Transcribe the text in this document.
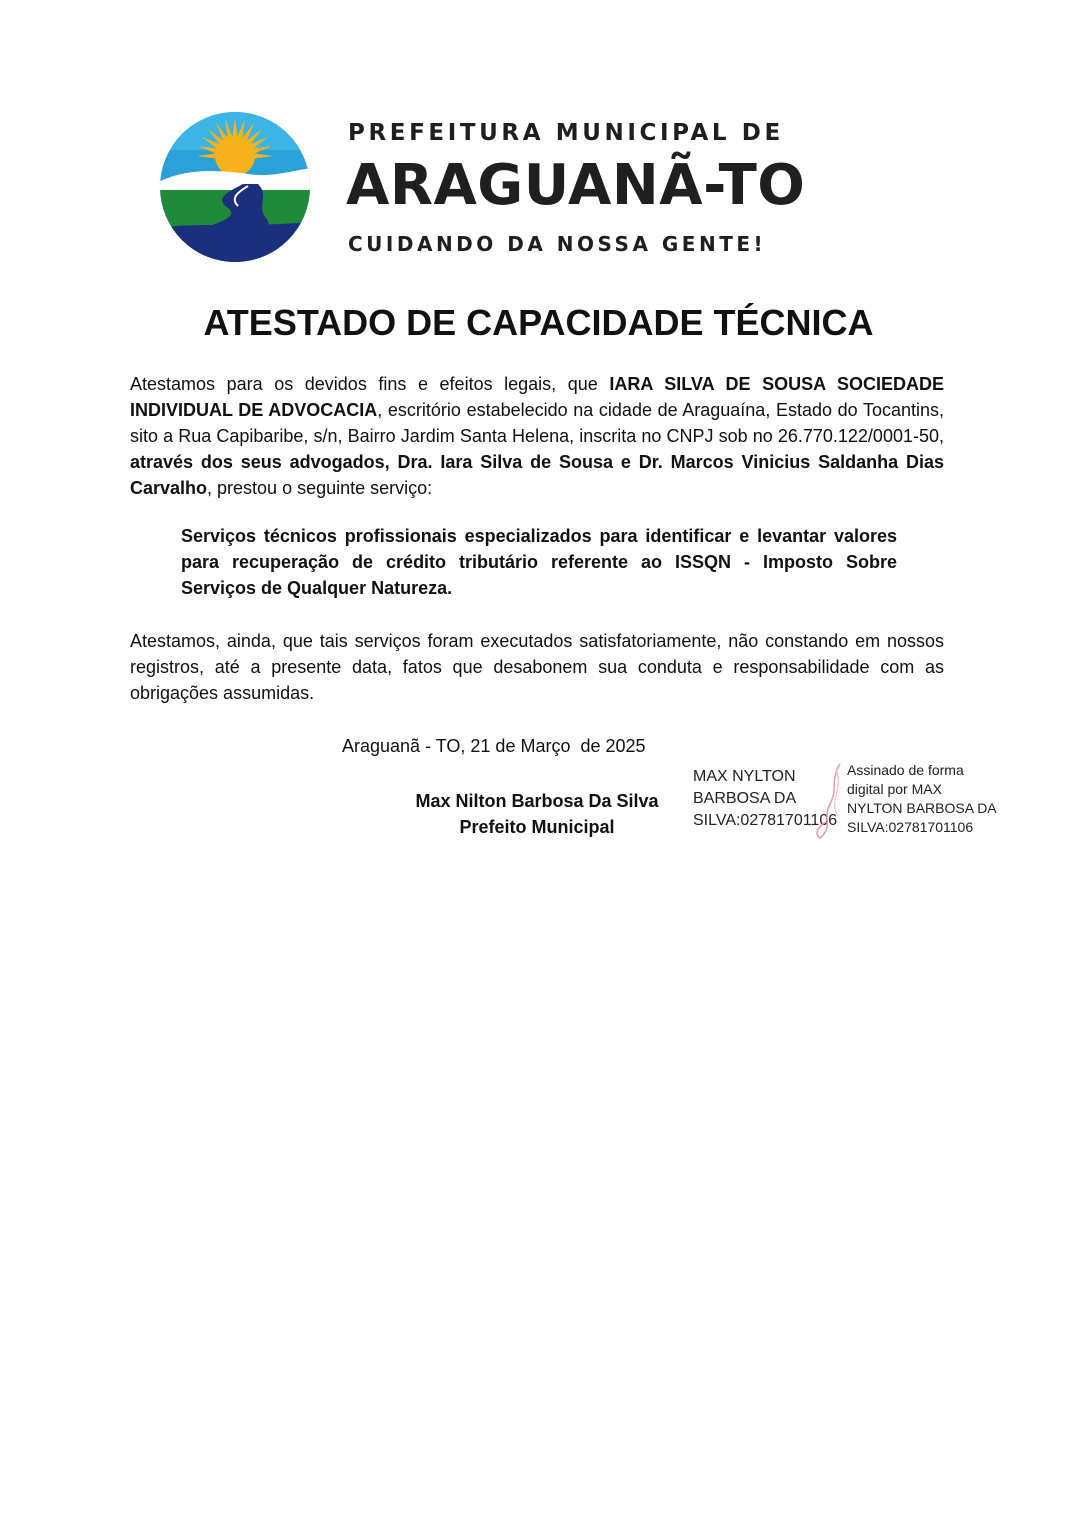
PREFEITURA MUNICIPAL DE
ARAGUANÃ-TO
CUIDANDO DA NOSSA GENTE!
ATESTADO DE CAPACIDADE TÉCNICA

Atestamos para os devidos fins e efeitos legais, que IARA SILVA DE SOUSA SOCIEDADE INDIVIDUAL DE ADVOCACIA, escritório estabelecido na cidade de Araguaína, Estado do Tocantins, sito a Rua Capibaribe, s/n, Bairro Jardim Santa Helena, inscrita no CNPJ sob no 26.770.122/0001-50, através dos seus advogados, Dra. Iara Silva de Sousa e Dr. Marcos Vinicius Saldanha Dias Carvalho, prestou o seguinte serviço:

Serviços técnicos profissionais especializados para identificar e levantar valores para recuperação de crédito tributário referente ao ISSQN - Imposto Sobre Serviços de Qualquer Natureza.

Atestamos, ainda, que tais serviços foram executados satisfatoriamente, não constando em nossos registros, até a presente data, fatos que desabonem sua conduta e responsabilidade com as obrigações assumidas.

Araguanã - TO, 21 de Março  de 2025
Max Nilton Barbosa Da Silva
Prefeito Municipal
MAX NYLTON
BARBOSA DA
SILVA:02781701106
Assinado de forma
digital por MAX
NYLTON BARBOSA DA
SILVA:02781701106
